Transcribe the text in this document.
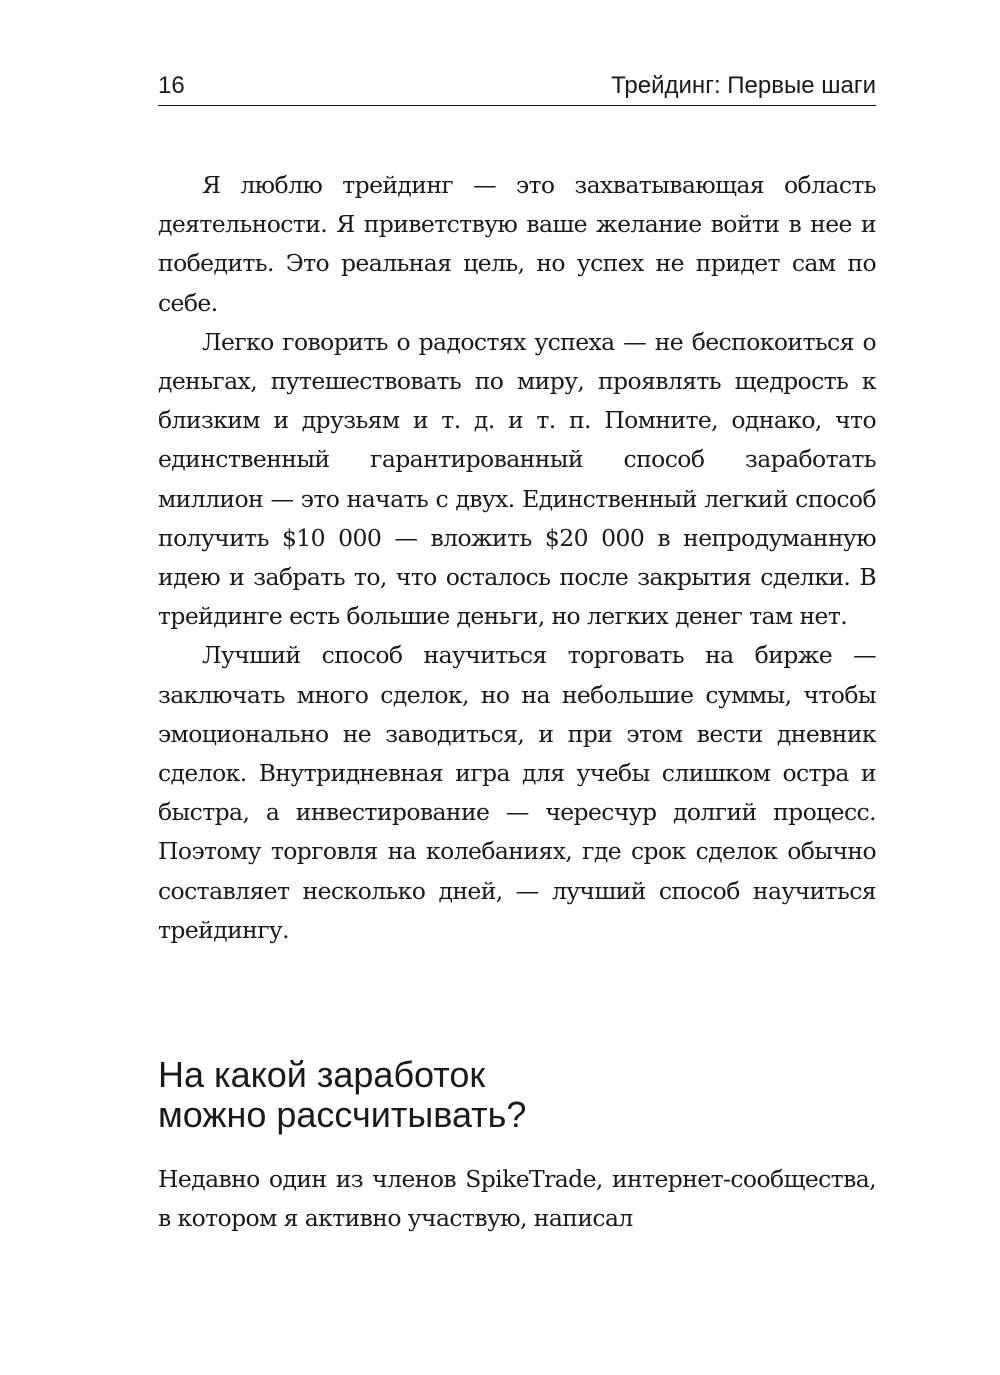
16	Трейдинг: Первые шаги

Я люблю трейдинг — это захватывающая область деятельности. Я приветствую ваше желание войти в нее и победить. Это реальная цель, но успех не придет сам по себе.

Легко говорить о радостях успеха — не беспокоиться о деньгах, путешествовать по миру, проявлять щедрость к близким и друзьям и т. д. и т. п. Помните, однако, что единственный гарантированный способ заработать миллион — это начать с двух. Единственный легкий способ получить $10 000 — вложить $20 000 в непродуманную идею и забрать то, что осталось после закрытия сделки. В трейдинге есть большие деньги, но легких денег там нет.

Лучший способ научиться торговать на бирже — заключать много сделок, но на небольшие суммы, чтобы эмоционально не заводиться, и при этом вести дневник сделок. Внутридневная игра для учебы слишком остра и быстра, а инвестирование — чересчур долгий процесс. Поэтому торговля на колебаниях, где срок сделок обычно составляет несколько дней, — лучший способ научиться трейдингу.

На какой заработок
можно рассчитывать?

Недавно один из членов SpikeTrade, интернет-сообщества, в котором я активно участвую, написал
